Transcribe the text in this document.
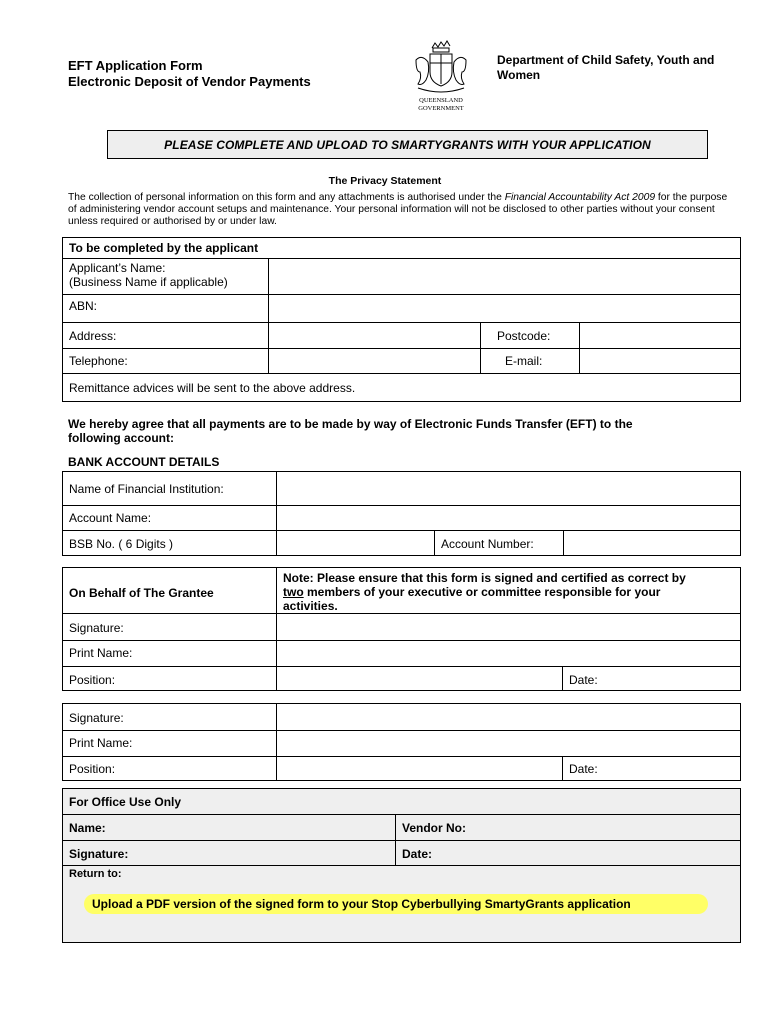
EFT Application Form
Electronic Deposit of Vendor Payments
QUEENSLAND
GOVERNMENT
Department of Child Safety, Youth and Women
PLEASE COMPLETE AND UPLOAD TO SMARTYGRANTS WITH YOUR APPLICATION
The Privacy Statement
The collection of personal information on this form and any attachments is authorised under the Financial Accountability Act 2009 for the purpose of administering vendor account setups and maintenance. Your personal information will not be disclosed to other parties without your consent unless required or authorised by or under law.
To be completed by the applicant
Applicant’s Name:
(Business Name if applicable)
ABN:
Address:	Postcode:
Telephone:	E-mail:
Remittance advices will be sent to the above address.
We hereby agree that all payments are to be made by way of Electronic Funds Transfer (EFT) to the
following account:
BANK ACCOUNT DETAILS
Name of Financial Institution:
Account Name:
BSB No. ( 6 Digits )	Account Number:
On Behalf of The Grantee
Note: Please ensure that this form is signed and certified as correct by
two members of your executive or committee responsible for your
activities.
Signature:
Print Name:
Position:	Date:
Signature:
Print Name:
Position:	Date:
For Office Use Only
Name:	Vendor No:
Signature:	Date:
Return to:
Upload a PDF version of the signed form to your Stop Cyberbullying SmartyGrants application
